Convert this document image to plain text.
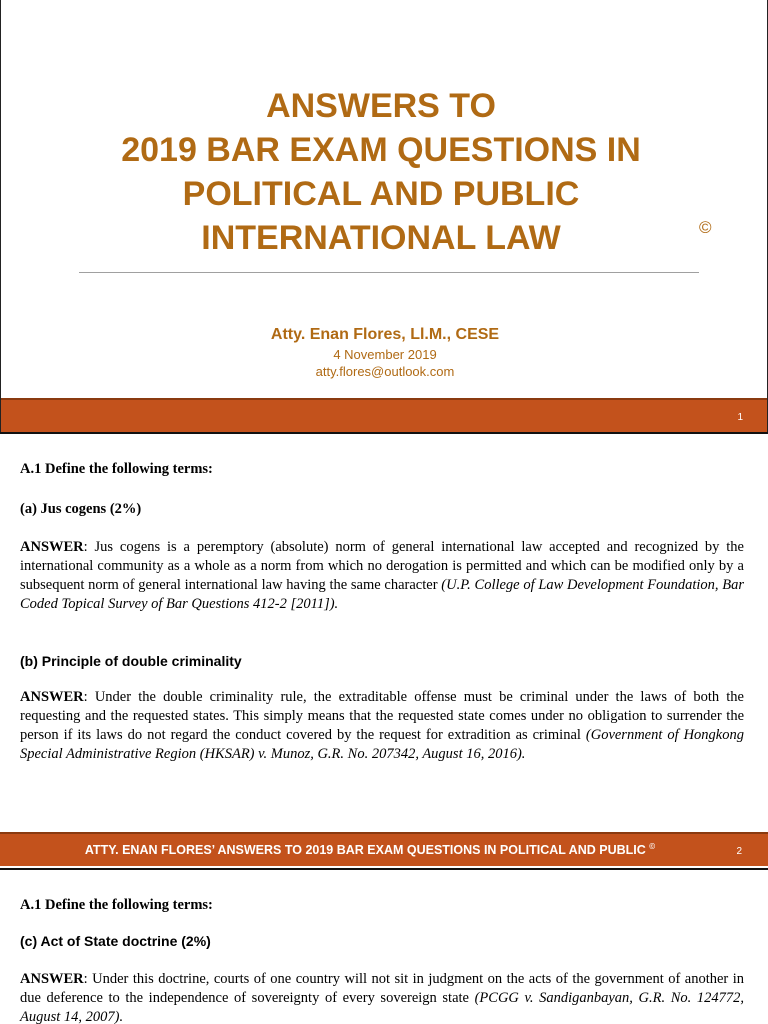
ANSWERS TO
2019 BAR EXAM QUESTIONS IN
POLITICAL AND PUBLIC
INTERNATIONAL LAW	©
Atty. Enan Flores, Ll.M., CESE
4 November 2019
atty.flores@outlook.com
1
A.1 Define the following terms:
(a) Jus cogens (2%)
ANSWER: Jus cogens is a peremptory (absolute) norm of general international law accepted and recognized by the international community as a whole as a norm from which no derogation is permitted and which can be modified only by a subsequent norm of general international law having the same character (U.P. College of Law Development Foundation, Bar Coded Topical Survey of Bar Questions 412-2 [2011]).
(b) Principle of double criminality
ANSWER: Under the double criminality rule, the extraditable offense must be criminal under the laws of both the requesting and the requested states. This simply means that the requested state comes under no obligation to surrender the person if its laws do not regard the conduct covered by the request for extradition as criminal (Government of Hongkong Special Administrative Region (HKSAR) v. Munoz, G.R. No. 207342, August 16, 2016).
ATTY. ENAN FLORES’ ANSWERS TO 2019 BAR EXAM QUESTIONS IN POLITICAL AND PUBLIC ©	2
A.1 Define the following terms:
(c) Act of State doctrine (2%)
ANSWER: Under this doctrine, courts of one country will not sit in judgment on the acts of the government of another in due deference to the independence of sovereignty of every sovereign state (PCGG v. Sandiganbayan, G.R. No. 124772, August 14, 2007).
